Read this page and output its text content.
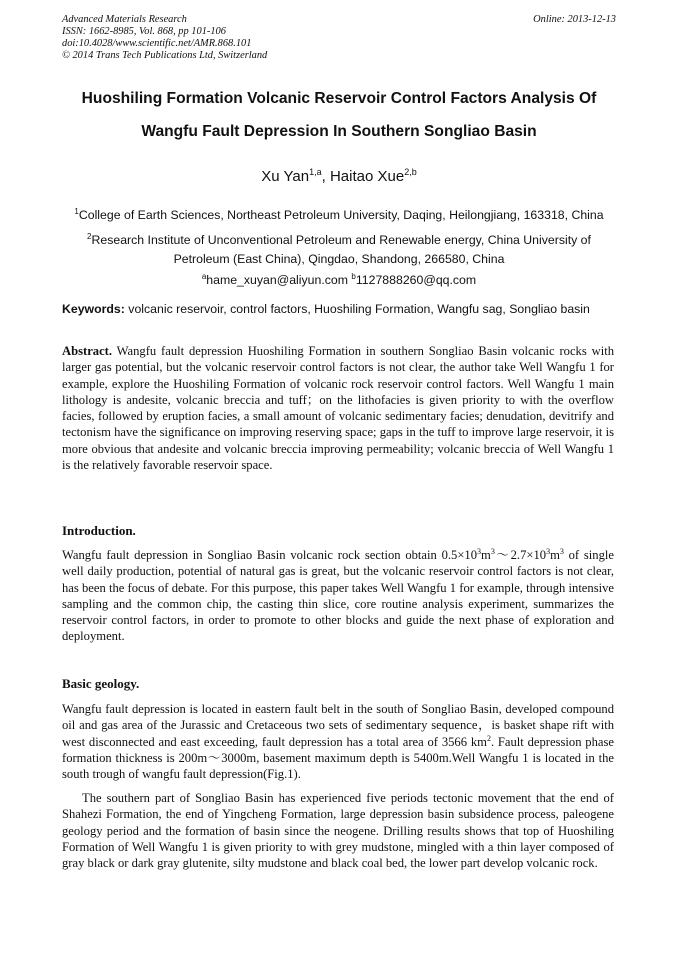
Advanced Materials Research
ISSN: 1662-8985, Vol. 868, pp 101-106
doi:10.4028/www.scientific.net/AMR.868.101
© 2014 Trans Tech Publications Ltd, Switzerland
Online: 2013-12-13
Huoshiling Formation Volcanic Reservoir Control Factors Analysis Of
Wangfu Fault Depression In Southern Songliao Basin
Xu Yan$^{1,a}$, Haitao Xue$^{2,b}$
$^1$College of Earth Sciences, Northeast Petroleum University, Daqing, Heilongjiang, 163318, China
$^2$Research Institute of Unconventional Petroleum and Renewable energy, China University of Petroleum (East China), Qingdao, Shandong, 266580, China
$^a$hame_xuyan@aliyun.com $^b$1127888260@qq.com
Keywords: volcanic reservoir, control factors, Huoshiling Formation, Wangfu sag, Songliao basin
Abstract. Wangfu fault depression Huoshiling Formation in southern Songliao Basin volcanic rocks with larger gas potential, but the volcanic reservoir control factors is not clear, the author take Well Wangfu 1 for example, explore the Huoshiling Formation of volcanic rock reservoir control factors. Well Wangfu 1 main lithology is andesite, volcanic breccia and tuff；on the lithofacies is given priority to with the overflow facies, followed by eruption facies, a small amount of volcanic sedimentary facies; denudation, devitrify and tectonism have the significance on improving reserving space; gaps in the tuff to improve large reservoir, it is more obvious that andesite and volcanic breccia improving permeability; volcanic breccia of Well Wangfu 1 is the relatively favorable reservoir space.
Introduction.
Wangfu fault depression in Songliao Basin volcanic rock section obtain $0.5\times 10^3m^3\sim 2.7\times 10^3m^3$ of single well daily production, potential of natural gas is great, but the volcanic reservoir control factors is not clear, has been the focus of debate. For this purpose, this paper takes Well Wangfu 1 for example, through intensive sampling and the common chip, the casting thin slice, core routine analysis experiment, summarizes the reservoir control factors, in order to promote to other blocks and guide the next phase of exploration and deployment.
Basic geology.
Wangfu fault depression is located in eastern fault belt in the south of Songliao Basin, developed compound oil and gas area of the Jurassic and Cretaceous two sets of sedimentary sequence，is basket shape rift with west disconnected and east exceeding, fault depression has a total area of 3566 $km^2$. Fault depression phase formation thickness is 200m～3000m, basement maximum depth is 5400m.Well Wangfu 1 is located in the south trough of wangfu fault depression(Fig.1).
The southern part of Songliao Basin has experienced five periods tectonic movement that the end of Shahezi Formation, the end of Yingcheng Formation, large depression basin subsidence process, paleogene geology period and the formation of basin since the neogene. Drilling results shows that top of Huoshiling Formation of Well Wangfu 1 is given priority to with grey mudstone, mingled with a thin layer composed of gray black or dark gray glutenite, silty mudstone and black coal bed, the lower part develop volcanic rock.
